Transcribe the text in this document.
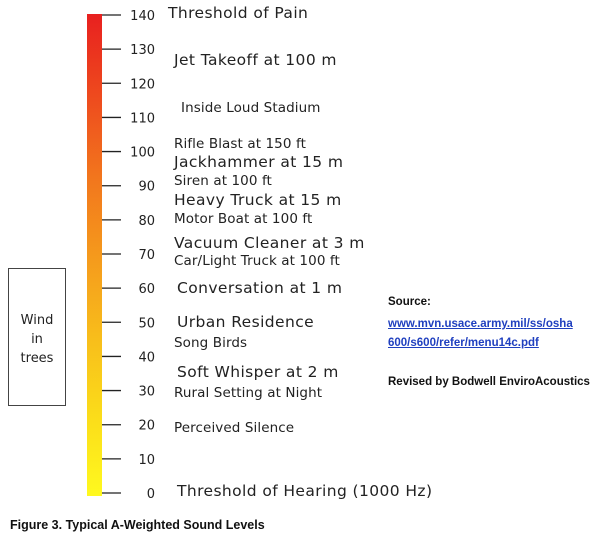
140
130
120
110
100
90
80
70
60
50
40
30
20
10
0
Threshold of Pain
Jet Takeoff at 100 m
Inside Loud Stadium
Rifle Blast at 150 ft
Jackhammer at 15 m
Siren at 100 ft
Heavy Truck at 15 m
Motor Boat at 100 ft
Vacuum Cleaner at 3 m
Car/Light Truck at 100 ft
Conversation at 1 m
Urban Residence
Song Birds
Soft Whisper at 2 m
Rural Setting at Night
Perceived Silence
Threshold of Hearing (1000 Hz)
Wind
in
trees
Source:
www.mvn.usace.army.mil/ss/osha
600/s600/refer/menu14c.pdf
Revised by Bodwell EnviroAcoustics
Figure 3. Typical A-Weighted Sound Levels
